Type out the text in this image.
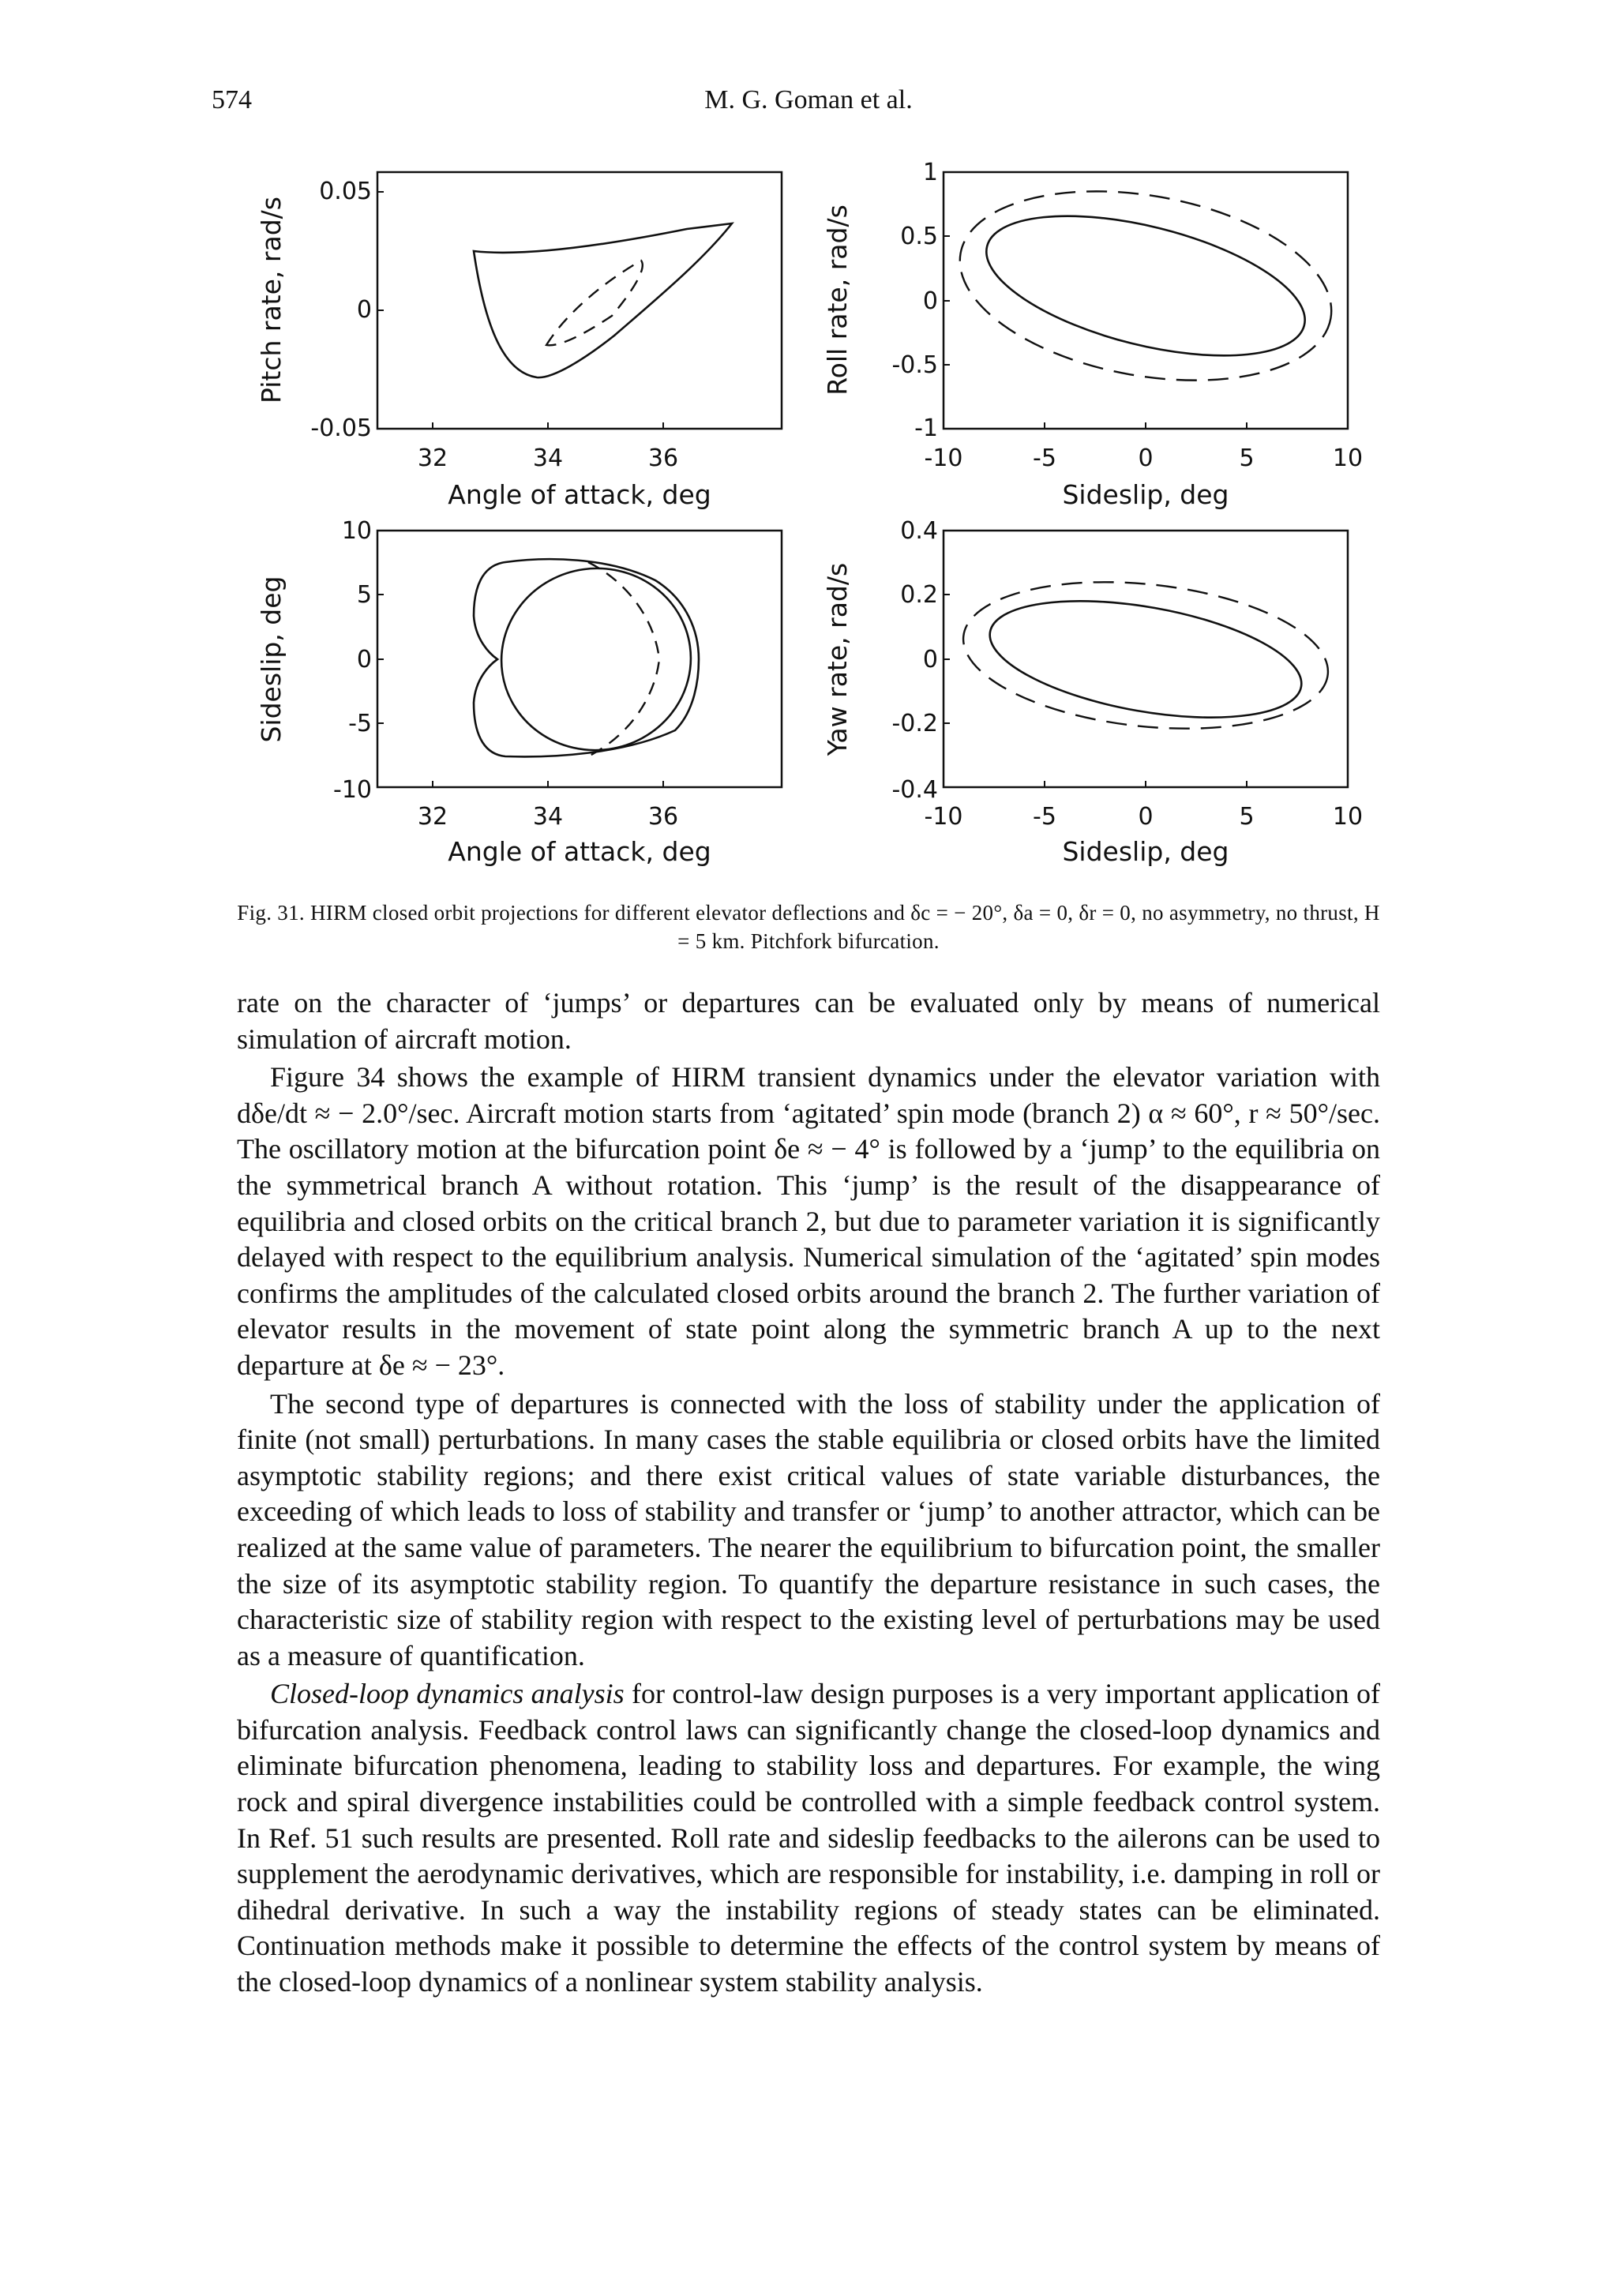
574	M. G. Goman et al.
0.05
0
-0.05
32	34	36
Angle of attack, deg
Pitch rate, rad/s
1
0.5
0
-0.5
-1
-10	-5	0	5	10
Sideslip, deg
Roll rate, rad/s
10
5
0
-5
-10
32	34	36
Angle of attack, deg
Sideslip, deg
0.4
0.2
0
-0.2
-0.4
-10	-5	0	5	10
Sideslip, deg
Yaw rate, rad/s
Fig. 31. HIRM closed orbit projections for different elevator deflections and δc = − 20°, δa = 0, δr = 0, no asymmetry, no thrust, H = 5 km. Pitchfork bifurcation.

rate on the character of ‘jumps’ or departures can be evaluated only by means of numerical simulation of aircraft motion.

Figure 34 shows the example of HIRM transient dynamics under the elevator variation with dδe/dt ≈ − 2.0°/sec. Aircraft motion starts from ‘agitated’ spin mode (branch 2) α ≈ 60°, r ≈ 50°/sec. The oscillatory motion at the bifurcation point δe ≈ − 4° is followed by a ‘jump’ to the equilibria on the symmetrical branch A without rotation. This ‘jump’ is the result of the disappearance of equilibria and closed orbits on the critical branch 2, but due to parameter variation it is significantly delayed with respect to the equilibrium analysis. Numerical simulation of the ‘agitated’ spin modes confirms the amplitudes of the calculated closed orbits around the branch 2. The further variation of elevator results in the movement of state point along the symmetric branch A up to the next departure at δe ≈ − 23°.

The second type of departures is connected with the loss of stability under the application of finite (not small) perturbations. In many cases the stable equilibria or closed orbits have the limited asymptotic stability regions; and there exist critical values of state variable disturbances, the exceeding of which leads to loss of stability and transfer or ‘jump’ to another attractor, which can be realized at the same value of parameters. The nearer the equilibrium to bifurcation point, the smaller the size of its asymptotic stability region. To quantify the departure resistance in such cases, the characteristic size of stability region with respect to the existing level of perturbations may be used as a measure of quantification.

Closed-loop dynamics analysis for control-law design purposes is a very important application of bifurcation analysis. Feedback control laws can significantly change the closed-loop dynamics and eliminate bifurcation phenomena, leading to stability loss and departures. For example, the wing rock and spiral divergence instabilities could be controlled with a simple feedback control system. In Ref. 51 such results are presented. Roll rate and sideslip feedbacks to the ailerons can be used to supplement the aerodynamic derivatives, which are responsible for instability, i.e. damping in roll or dihedral derivative. In such a way the instability regions of steady states can be eliminated. Continuation methods make it possible to determine the effects of the control system by means of the closed-loop dynamics of a nonlinear system stability analysis.
